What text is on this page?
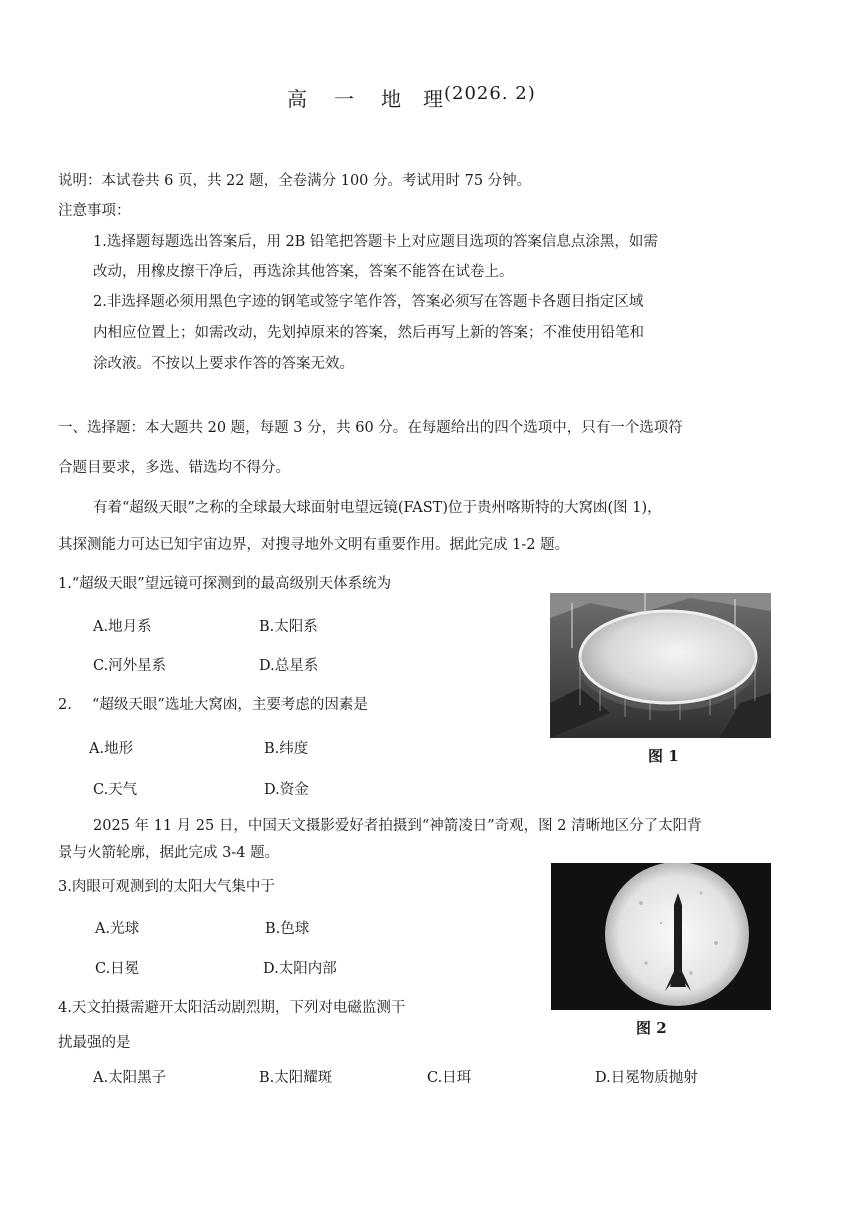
高 一 地 理 (2026. 2)
说明：本试卷共 6 页，共 22 题，全卷满分 100 分。考试用时 75 分钟。
注意事项：
1.选择题每题选出答案后，用 2B 铅笔把答题卡上对应题目选项的答案信息点涂黑，如需
改动，用橡皮擦干净后，再选涂其他答案，答案不能答在试卷上。
2.非选择题必须用黑色字迹的钢笔或签字笔作答，答案必须写在答题卡各题目指定区域
内相应位置上；如需改动，先划掉原来的答案，然后再写上新的答案；不准使用铅笔和
涂改液。不按以上要求作答的答案无效。
一、选择题：本大题共 20 题，每题 3 分，共 60 分。在每题给出的四个选项中，只有一个选项符
合题目要求，多选、错选均不得分。
有着“超级天眼”之称的全球最大球面射电望远镜(FAST)位于贵州喀斯特的大窝凼(图 1)，
其探测能力可达已知宇宙边界，对搜寻地外文明有重要作用。据此完成 1-2 题。
1.“超级天眼”望远镜可探测到的最高级别天体系统为
A.地月系	B.太阳系
C.河外星系	D.总星系
2. “超级天眼”选址大窝凼，主要考虑的因素是
A.地形	B.纬度
C.天气	D.资金
图 1
2025 年 11 月 25 日，中国天文摄影爱好者拍摄到“神箭凌日”奇观，图 2 清晰地区分了太阳背
景与火箭轮廓，据此完成 3-4 题。
3.肉眼可观测到的太阳大气集中于
A.光球	B.色球
C.日冕	D.太阳内部
图 2
4.天文拍摄需避开太阳活动剧烈期，下列对电磁监测干
扰最强的是
A.太阳黑子	B.太阳耀斑	C.日珥	D.日冕物质抛射
